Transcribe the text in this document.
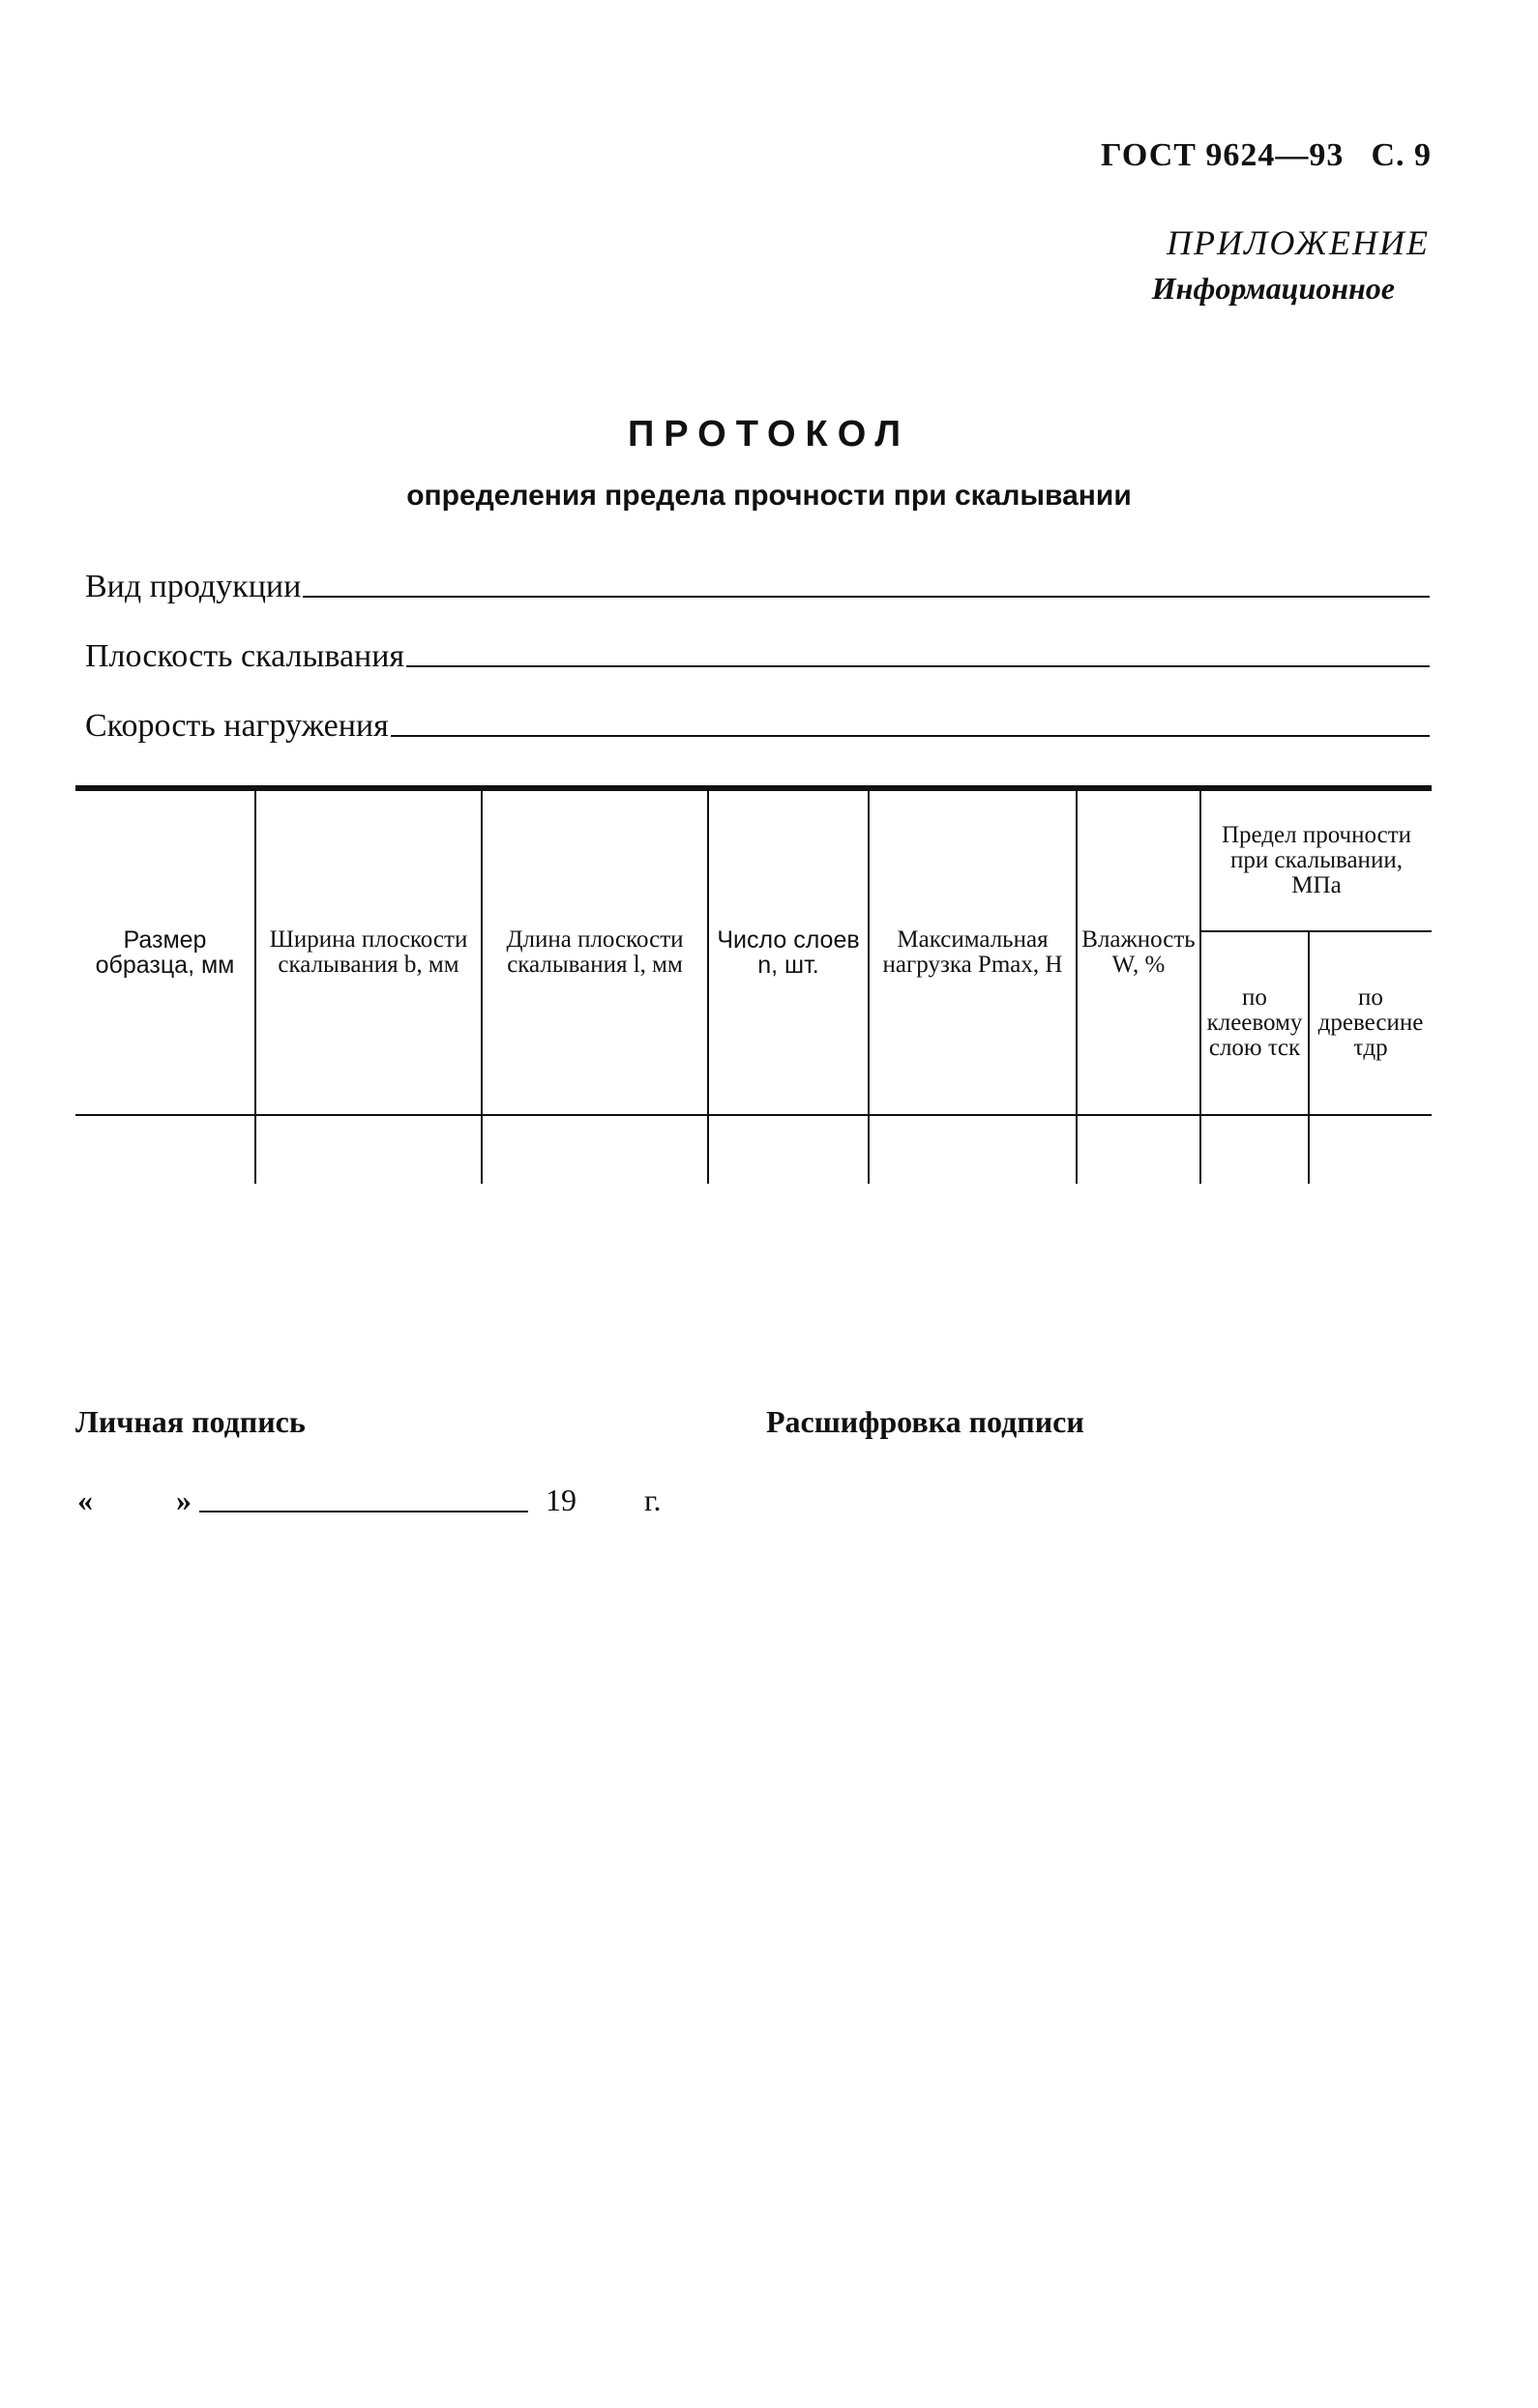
ГОСТ 9624—93 С. 9
ПРИЛОЖЕНИЕ
Информационное
ПРОТОКОЛ
определения предела прочности при скалывании
Вид продукции
Плоскость скалывания
Скорость нагружения
Размер образца, мм	Ширина плоскости скалывания b, мм	Длина плоскости скалывания l, мм	Число слоев n, шт.	Максимальная нагрузка Pmax, Н	Влажность W, %	Предел прочности при скалывании, МПа	
						по клеевому слою τск	по древесине τдр

Личная подпись	Расшифровка подписи
«	»	19 г.
